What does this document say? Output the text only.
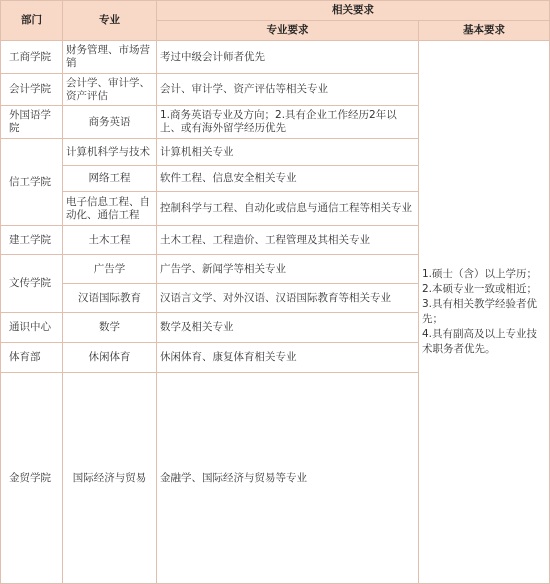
部门	专业	相关要求		
		专业要求	基本要求	
工商学院	财务管理、市场营销	考过中级会计师者优先	1.硕士（含）以上学历；
2.本硕专业一致或相近；
3.具有相关教学经验者优先；
4.具有副高及以上专业技术职务者优先。	

会计学院	会计学、审计学、资产评估	会计、审计学、资产评估等相关专业		
外国语学院	商务英语	1.商务英语专业及方向；2.具有企业工作经历2年以上、或有海外留学经历优先		
信工学院	计算机科学与技术	计算机相关专业		
	网络工程	软件工程、信息安全相关专业		
	电子信息工程、自动化、通信工程	控制科学与工程、自动化或信息与通信工程等相关专业		
建工学院	土木工程	土木工程、工程造价、工程管理及其相关专业		
文传学院	广告学	广告学、新闻学等相关专业		
	汉语国际教育	汉语言文学、对外汉语、汉语国际教育等相关专业		
通识中心	数学	数学及相关专业		
体育部	休闲体育	休闲体育、康复体育相关专业		
金贸学院	国际经济与贸易	金融学、国际经济与贸易等专业	
